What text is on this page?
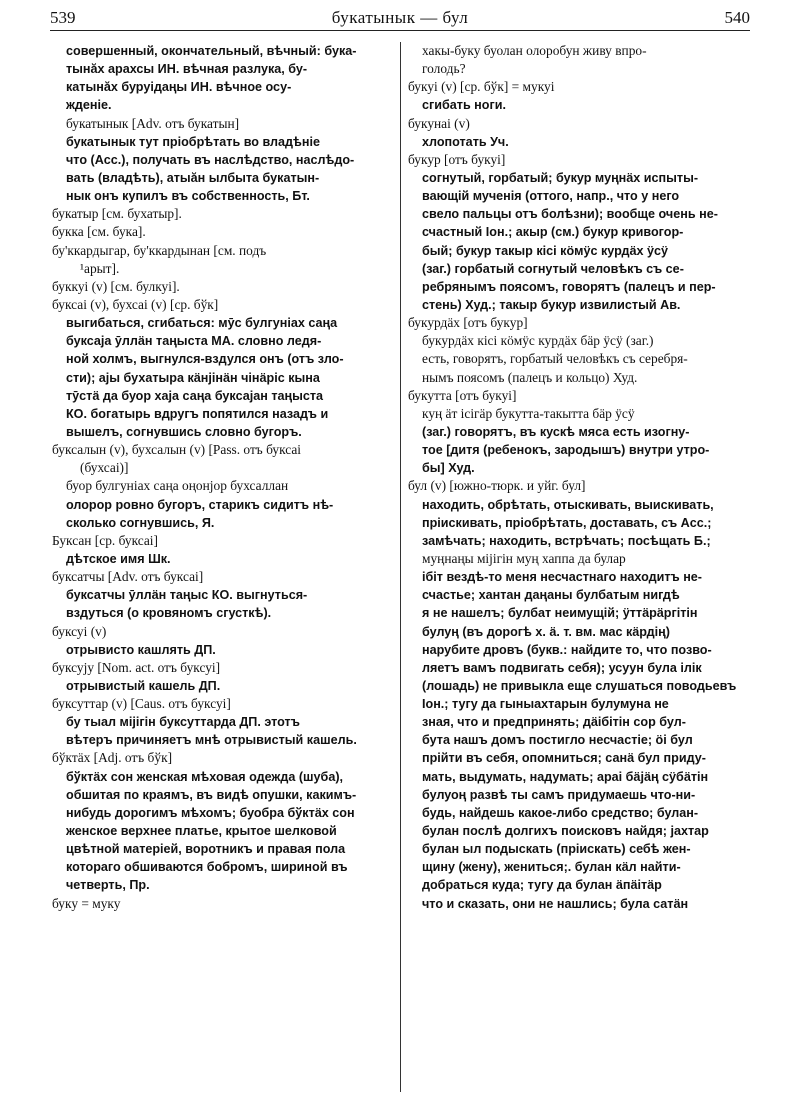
539	букатынык — бул	540
совершенный, окончательный, вѣчный: бука-
тынӑх арахсы ИН. вѣчная разлука, бу-
катынӑх буруідаңы ИН. вѣчное осу-
жденіе.
букатынык [Adv. отъ букатын]
букатынык тут пріобрѣтать во владѣніе
что (Acc.), получать въ наслѣдство, наслѣдо-
вать (владѣть), атыӑн ылбыта букатын-
нык онъ купилъ въ собственность, Бт.
букатыр [см. бухатыр].
букка [см. бука].
бу'ккардыгар, бу'ккардынан [см. подъ
¹арыт].
буккуі (v) [см. булкуі].
буксаі (v), бухсаі (v) [ср. бўк]
выгибаться, сгибаться: мӯс булгуніах саңа
буксаја ӯллӓн таңыста МА. словно ледя-
ной холмъ, выгнулся-вздулся онъ (отъ зло-
сти); ајы бухатыра кӓнјінӓн чінӓріс кына
тӯстӓ да буор хаја саңа буксајан таңыста
КО. богатырь вдругъ попятился назадъ и
вышелъ, согнувшись словно бугоръ.
буксалын (v), бухсалын (v) [Pass. отъ буксаі
(бухсаі)]
буор булгуніах саңа оңонjор бухсаллан
олорор ровно бугоръ, старикъ сидитъ нѣ-
сколько согнувшись, Я.
Буксан [ср. буксаі]
дѣтское имя Шк.
буксатчы [Adv. отъ буксаі]
буксатчы ӯллӓн таңыс КО. выгнуться-
вздуться (о кровяномъ сгусткѣ).
буксуі (v)
отрывисто кашлять ДП.
буксују [Nom. act. отъ буксуі]
отрывистый кашель ДП.
буксуттар (v) [Caus. отъ буксуі]
бу тыал міјігін буксуттарда ДП. этотъ
вѣтеръ причиняетъ мнѣ отрывистый кашель.
бўктӓх [Adj. отъ бўк]
бўктӓх сон женская мѣховая одежда (шуба),
обшитая по краямъ, въ видѣ опушки, какимъ-
нибудь дорогимъ мѣхомъ; буобра бўктӓх сон
женское верхнее платье, крытое шелковой
цвѣтной матеріей, воротникъ и правая пола
котораго обшиваются бобромъ, шириной въ
четверть, Пр.
буку = муку
хакы-буку буолан олоробун живу впро-
голодь?
букуі (v) [ср. бўк] = мукуі
сгибать ноги.
букунаі (v)
хлопотать Уч.
букур [отъ букуі]
согнутый, горбатый; букур муңнӓх испыты-
вающій мученія (оттого, напр., что у него
свело пальцы отъ болѣзни); вообще очень не-
счастный Іон.; акыр (см.) букур кривогор-
бый; букур такыр кісі кӧмӱс курдӓх ӱсӱ
(заг.) горбатый согнутый человѣкъ съ се-
ребрянымъ поясомъ, говорятъ (палецъ и пер-
стень) Худ.; такыр букур извилистый Ав.
букурдӓх [отъ букур]
букурдӓх кісі кӧмӱс курдӓх бӓр ӱсӱ (заг.)
есть, говорятъ, горбатый человѣкъ съ серебря-
нымъ поясомъ (палецъ и кольцо) Худ.
букутта [отъ букуі]
куң ӓт ісігӓр букутта-такытта бӓр ӱсӱ
(заг.) говорятъ, въ кускѣ мяса есть изогну-
тое [дитя (ребенокъ, зародышъ) внутри утро-
бы] Худ.
бул (v) [южно-тюрк. и уйг. бул]
находить, обрѣтать, отыскивать, выискивать,
пріискивать, пріобрѣтать, доставать, съ Acc.;
замѣчать; находить, встрѣчать; посѣщать Б.;
муңнаңы міјігін муң хаппа да булар
ібіт вездѣ-то меня несчастнаго находитъ не-
счастье; хантан даңаны булбатым нигдѣ
я не нашелъ; булбат неимущій; ӱттӓрӓргітін
булуң (въ дорогѣ х. ӓ. т. вм. мас кӓрдің)
нарубите дровъ (букв.: найдите то, что позво-
ляетъ вамъ подвигать себя); усуун була ілік
(лошадь) не привыкла еще слушаться поводьевъ
Іон.; тугу да гыныахтарын булумуна не
зная, что и предпринять; дӓібітін сор бул-
бута нашъ домъ постигло несчастіе; ӧі бул
прійти въ себя, опомниться; санӓ бул приду-
мать, выдумать, надумать; арaі бӓјӓң сӱбӓтін
булуоң развѣ ты самъ придумаешь что-ни-
будь, найдешь какое-либо средство; булан-
булан послѣ долгихъ поисковъ найдя; јахтар
булан ыл подыскать (пріискать) себѣ жен-
щину (жену), жениться;. булан кӓл найти-
добраться куда; тугу да булан ӓпӓітӓр
что и сказать, они не нашлись; була сатӓн
